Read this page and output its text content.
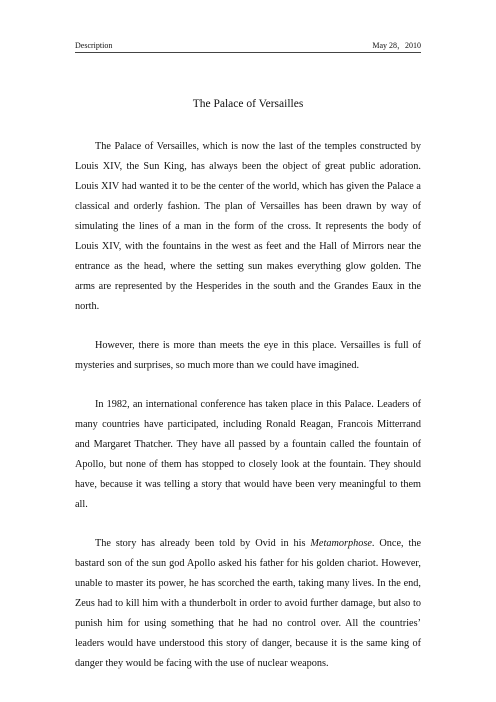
Description	May 28，2010
The Palace of Versailles

The Palace of Versailles, which is now the last of the temples constructed by Louis XIV, the Sun King, has always been the object of great public adoration. Louis XIV had wanted it to be the center of the world, which has given the Palace a classical and orderly fashion. The plan of Versailles has been drawn by way of simulating the lines of a man in the form of the cross. It represents the body of Louis XIV, with the fountains in the west as feet and the Hall of Mirrors near the entrance as the head, where the setting sun makes everything glow golden. The arms are represented by the Hesperides in the south and the Grandes Eaux in the north.

However, there is more than meets the eye in this place. Versailles is full of mysteries and surprises, so much more than we could have imagined.

In 1982, an international conference has taken place in this Palace. Leaders of many countries have participated, including Ronald Reagan, Francois Mitterrand and Margaret Thatcher. They have all passed by a fountain called the fountain of Apollo, but none of them has stopped to closely look at the fountain. They should have, because it was telling a story that would have been very meaningful to them all.

The story has already been told by Ovid in his Metamorphose. Once, the bastard son of the sun god Apollo asked his father for his golden chariot. However, unable to master its power, he has scorched the earth, taking many lives. In the end, Zeus had to kill him with a thunderbolt in order to avoid further damage, but also to punish him for using something that he had no control over. All the countries’ leaders would have understood this story of danger, because it is the same king of danger they would be facing with the use of nuclear weapons.
